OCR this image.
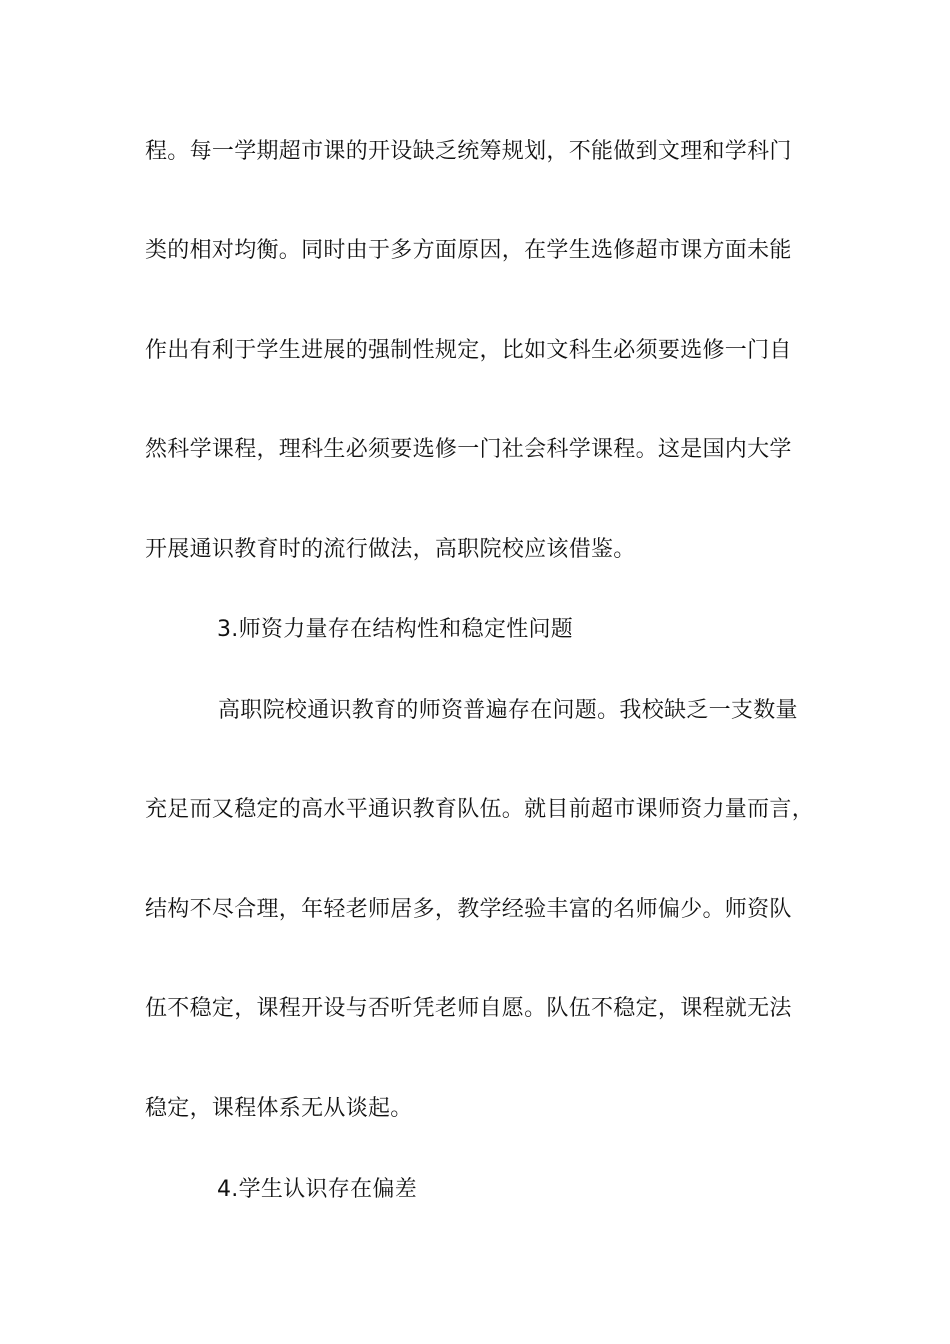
程。每一学期超市课的开设缺乏统筹规划，不能做到文理和学科门
类的相对均衡。同时由于多方面原因，在学生选修超市课方面未能
作出有利于学生进展的强制性规定，比如文科生必须要选修一门自
然科学课程，理科生必须要选修一门社会科学课程。这是国内大学
开展通识教育时的流行做法，高职院校应该借鉴。
3.师资力量存在结构性和稳定性问题
高职院校通识教育的师资普遍存在问题。我校缺乏一支数量
充足而又稳定的高水平通识教育队伍。就目前超市课师资力量而言，
结构不尽合理，年轻老师居多，教学经验丰富的名师偏少。师资队
伍不稳定，课程开设与否听凭老师自愿。队伍不稳定，课程就无法
稳定，课程体系无从谈起。
4.学生认识存在偏差
